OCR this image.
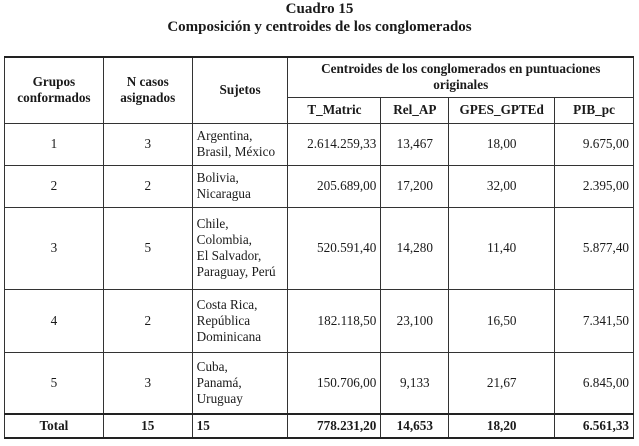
Cuadro 15
Composición y centroides de los conglomerados
Grupos conformados	N casos asignados	Sujetos	Centroides de los conglomerados en puntuaciones originales			
			T_Matric	Rel_AP	GPES_GPTEd	PIB_pc
1	3	Argentina,
Brasil, México	2.614.259,33	13,467	18,00	9.675,00
2	2	Bolivia,
Nicaragua	205.689,00	17,200	32,00	2.395,00
3	5	Chile,
Colombia,
El Salvador,
Paraguay, Perú	520.591,40	14,280	11,40	5.877,40
4	2	Costa Rica,
República
Dominicana	182.118,50	23,100	16,50	7.341,50
5	3	Cuba,
Panamá,
Uruguay	150.706,00	9,133	21,67	6.845,00
Total	15	15	778.231,20	14,653	18,20	6.561,33
